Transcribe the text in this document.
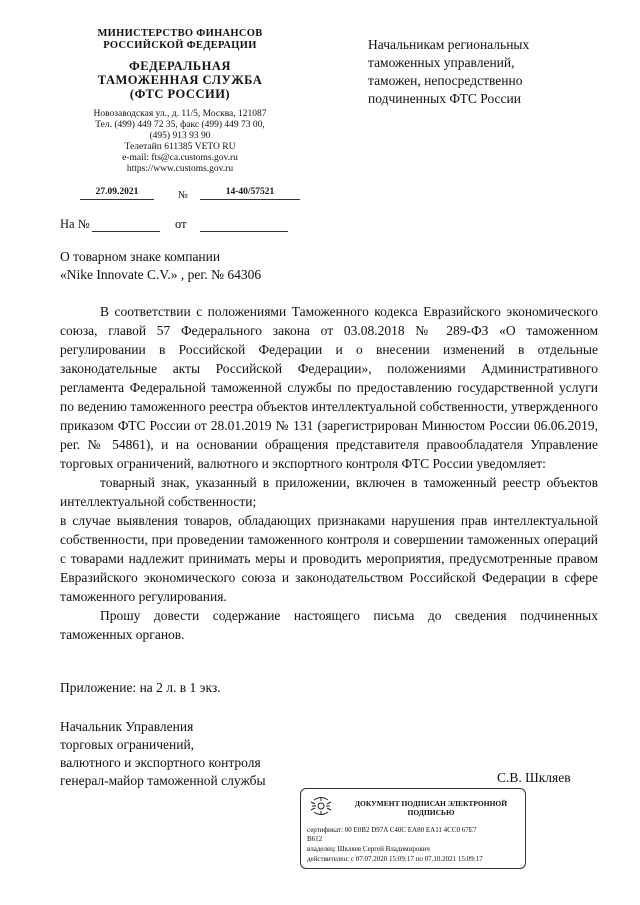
МИНИСТЕРСТВО ФИНАНСОВ
РОССИЙСКОЙ ФЕДЕРАЦИИ
ФЕДЕРАЛЬНАЯ
ТАМОЖЕННАЯ СЛУЖБА
(ФТС РОССИИ)
Новозаводская ул., д. 11/5, Москва, 121087
Тел. (499) 449 72 35, факс (499) 449 73 00,
(495) 913 93 90
Телетайп 611385 VETO RU
e-mail: fts@ca.customs.gov.ru
https://www.customs.gov.ru
27.09.2021	№	14-40/57521
На №	от
Начальникам региональных
таможенных управлений,
таможен, непосредственно
подчиненных ФТС России
О товарном знаке компании
«Nike Innovate C.V.» , рег. № 64306

В соответствии с положениями Таможенного кодекса Евразийского экономического союза, главой 57 Федерального закона от 03.08.2018 № 289-ФЗ «О таможенном регулировании в Российской Федерации и о внесении изменений в отдельные законодательные акты Российской Федерации», положениями Административного регламента Федеральной таможенной службы по предоставлению государственной услуги по ведению таможенного реестра объектов интеллектуальной собственности, утвержденного приказом ФТС России от 28.01.2019 № 131 (зарегистрирован Минюстом России 06.06.2019, рег. № 54861), и на основании обращения представителя правообладателя Управление торговых ограничений, валютного и экспортного контроля ФТС России уведомляет:

товарный знак, указанный в приложении, включен в таможенный реестр объектов интеллектуальной собственности;

в случае выявления товаров, обладающих признаками нарушения прав интеллектуальной собственности, при проведении таможенного контроля и совершении таможенных операций с товарами надлежит принимать меры и проводить мероприятия, предусмотренные правом Евразийского экономического союза и законодательством Российской Федерации в сфере таможенного регулирования.

Прошу довести содержание настоящего письма до сведения подчиненных таможенных органов.

Приложение: на 2 л. в 1 экз.
Начальник Управления
торговых ограничений,
валютного и экспортного контроля
генерал-майор таможенной службы	С.В. Шкляев
ДОКУМЕНТ ПОДПИСАН ЭЛЕКТРОННОЙ
ПОДПИСЬЮ
сертификат: 00 E0B2 D97A C40C EA80 EA11 4CC0 67E7
B612
владелец: Шкляев Сергей Владимирович
действителен: с 07.07.2020 15:09:17 по 07.10.2021 15:09:17
